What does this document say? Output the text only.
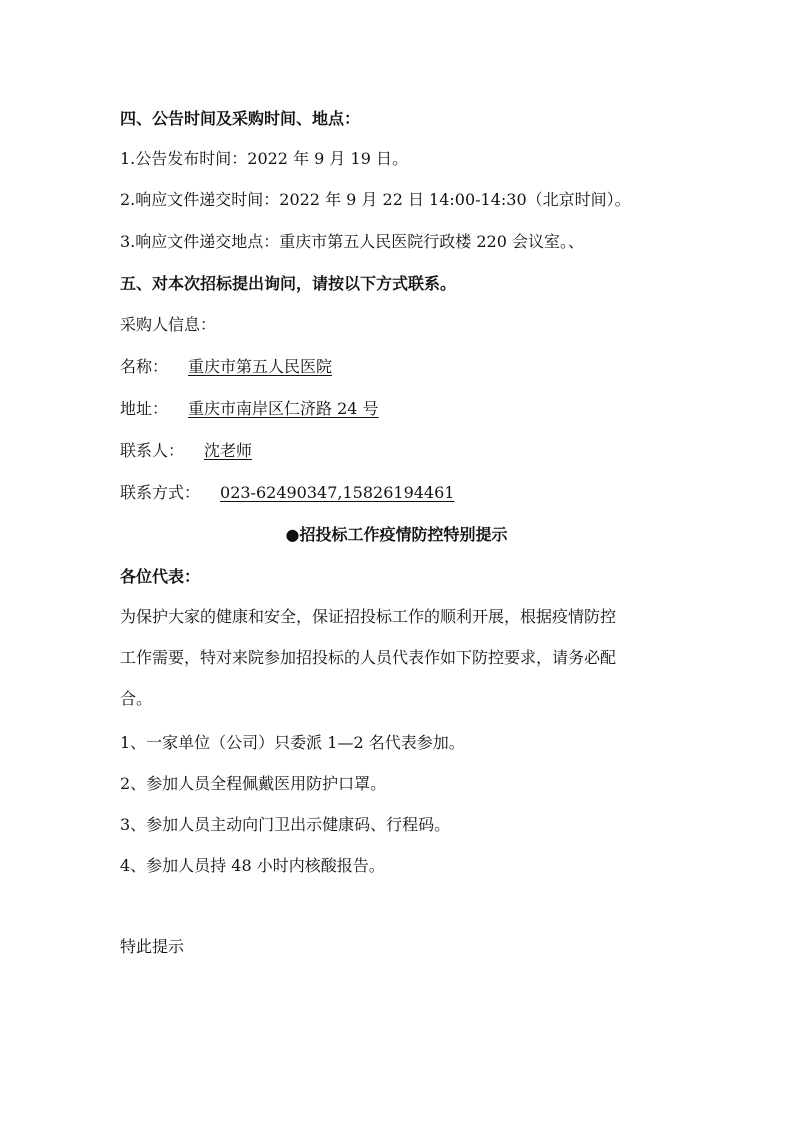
四、公告时间及采购时间、地点：
1.公告发布时间：2022 年 9 月 19 日。
2.响应文件递交时间：2022 年 9 月 22 日 14:00-14:30（北京时间）。
3.响应文件递交地点：重庆市第五人民医院行政楼 220 会议室。、
五、对本次招标提出询问，请按以下方式联系。
采购人信息：
名称： 重庆市第五人民医院
地址： 重庆市南岸区仁济路 24 号
联系人： 沈老师
联系方式： 023-62490347,15826194461
●招投标工作疫情防控特别提示
各位代表：
为保护大家的健康和安全，保证招投标工作的顺利开展，根据疫情防控
工作需要，特对来院参加招投标的人员代表作如下防控要求，请务必配
合。
1、一家单位（公司）只委派 1—2 名代表参加。
2、参加人员全程佩戴医用防护口罩。
3、参加人员主动向门卫出示健康码、行程码。
4、参加人员持 48 小时内核酸报告。
特此提示
